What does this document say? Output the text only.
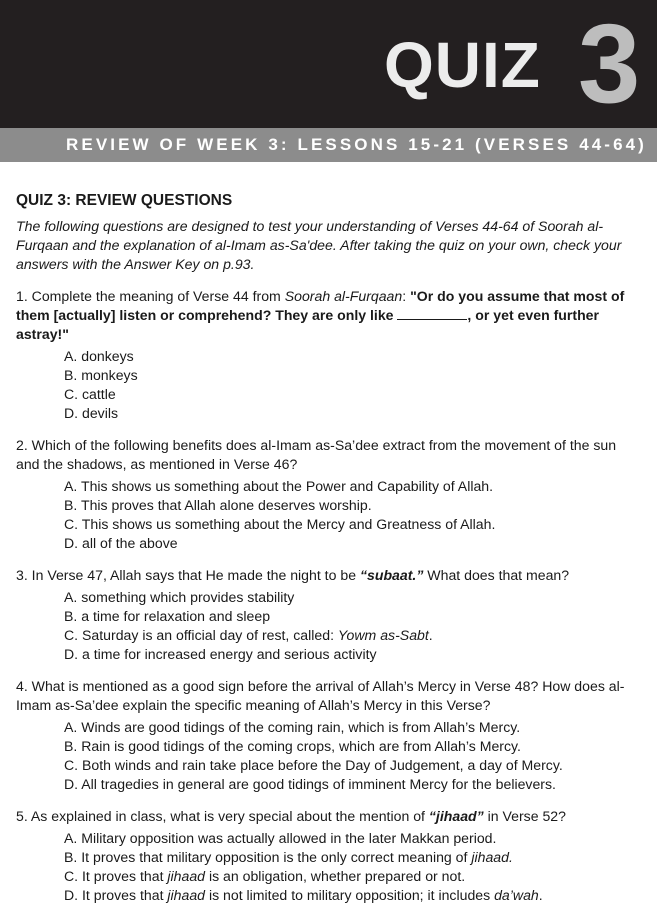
QUIZ 3
REVIEW OF WEEK 3: LESSONS 15-21 (VERSES 44-64)
QUIZ 3: REVIEW QUESTIONS

The following questions are designed to test your understanding of Verses 44-64 of Soorah al-Furqaan and the explanation of al-Imam as-Sa'dee. After taking the quiz on your own, check your answers with the Answer Key on p.93.

1. Complete the meaning of Verse 44 from Soorah al-Furqaan: "Or do you assume that most of them [actually] listen or comprehend? They are only like	, or yet even further astray!"

A. donkeys
B. monkeys
C. cattle
D. devils

2. Which of the following benefits does al-Imam as-Sa’dee extract from the movement of the sun and the shadows, as mentioned in Verse 46?

A. This shows us something about the Power and Capability of Allah.
B. This proves that Allah alone deserves worship.
C. This shows us something about the Mercy and Greatness of Allah.
D. all of the above

3. In Verse 47, Allah says that He made the night to be “subaat.” What does that mean?

A. something which provides stability
B. a time for relaxation and sleep
C. Saturday is an official day of rest, called: Yowm as-Sabt.
D. a time for increased energy and serious activity

4. What is mentioned as a good sign before the arrival of Allah’s Mercy in Verse 48? How does al-Imam as-Sa’dee explain the specific meaning of Allah’s Mercy in this Verse?

A. Winds are good tidings of the coming rain, which is from Allah’s Mercy.
B. Rain is good tidings of the coming crops, which are from Allah’s Mercy.
C. Both winds and rain take place before the Day of Judgement, a day of Mercy.
D. All tragedies in general are good tidings of imminent Mercy for the believers.

5. As explained in class, what is very special about the mention of “jihaad” in Verse 52?

A. Military opposition was actually allowed in the later Makkan period.
B. It proves that military opposition is the only correct meaning of jihaad.
C. It proves that jihaad is an obligation, whether prepared or not.
D. It proves that jihaad is not limited to military opposition; it includes da’wah.
